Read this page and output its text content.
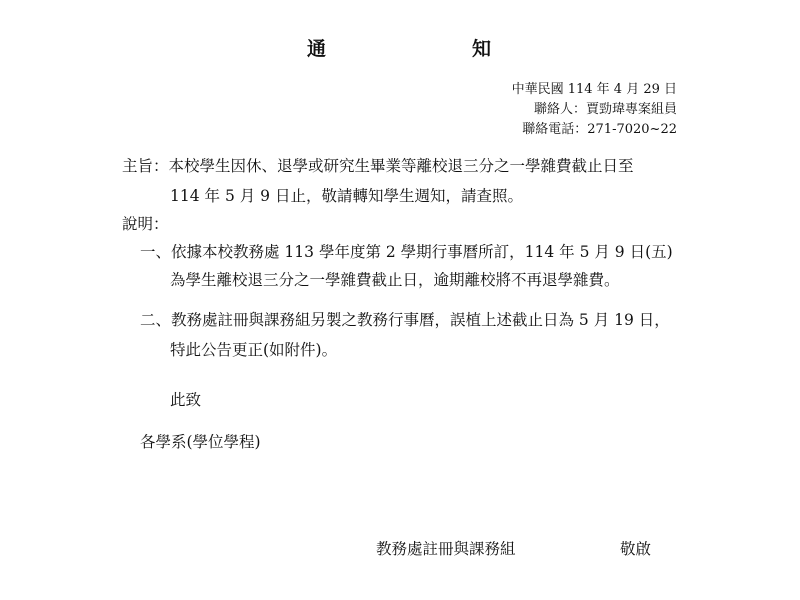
通	知
中華民國 114 年 4 月 29 日
聯絡人：賈勁瑋專案組員
聯絡電話：271-7020~22
主旨：本校學生因休、退學或研究生畢業等離校退三分之一學雜費截止日至
114 年 5 月 9 日止，敬請轉知學生週知，請查照。
說明：
一、依據本校教務處 113 學年度第 2 學期行事曆所訂，114 年 5 月 9 日(五)
為學生離校退三分之一學雜費截止日，逾期離校將不再退學雜費。
二、教務處註冊與課務組另製之教務行事曆，誤植上述截止日為 5 月 19 日，
特此公告更正(如附件)。
此致
各學系(學位學程)
教務處註冊與課務組	敬啟
